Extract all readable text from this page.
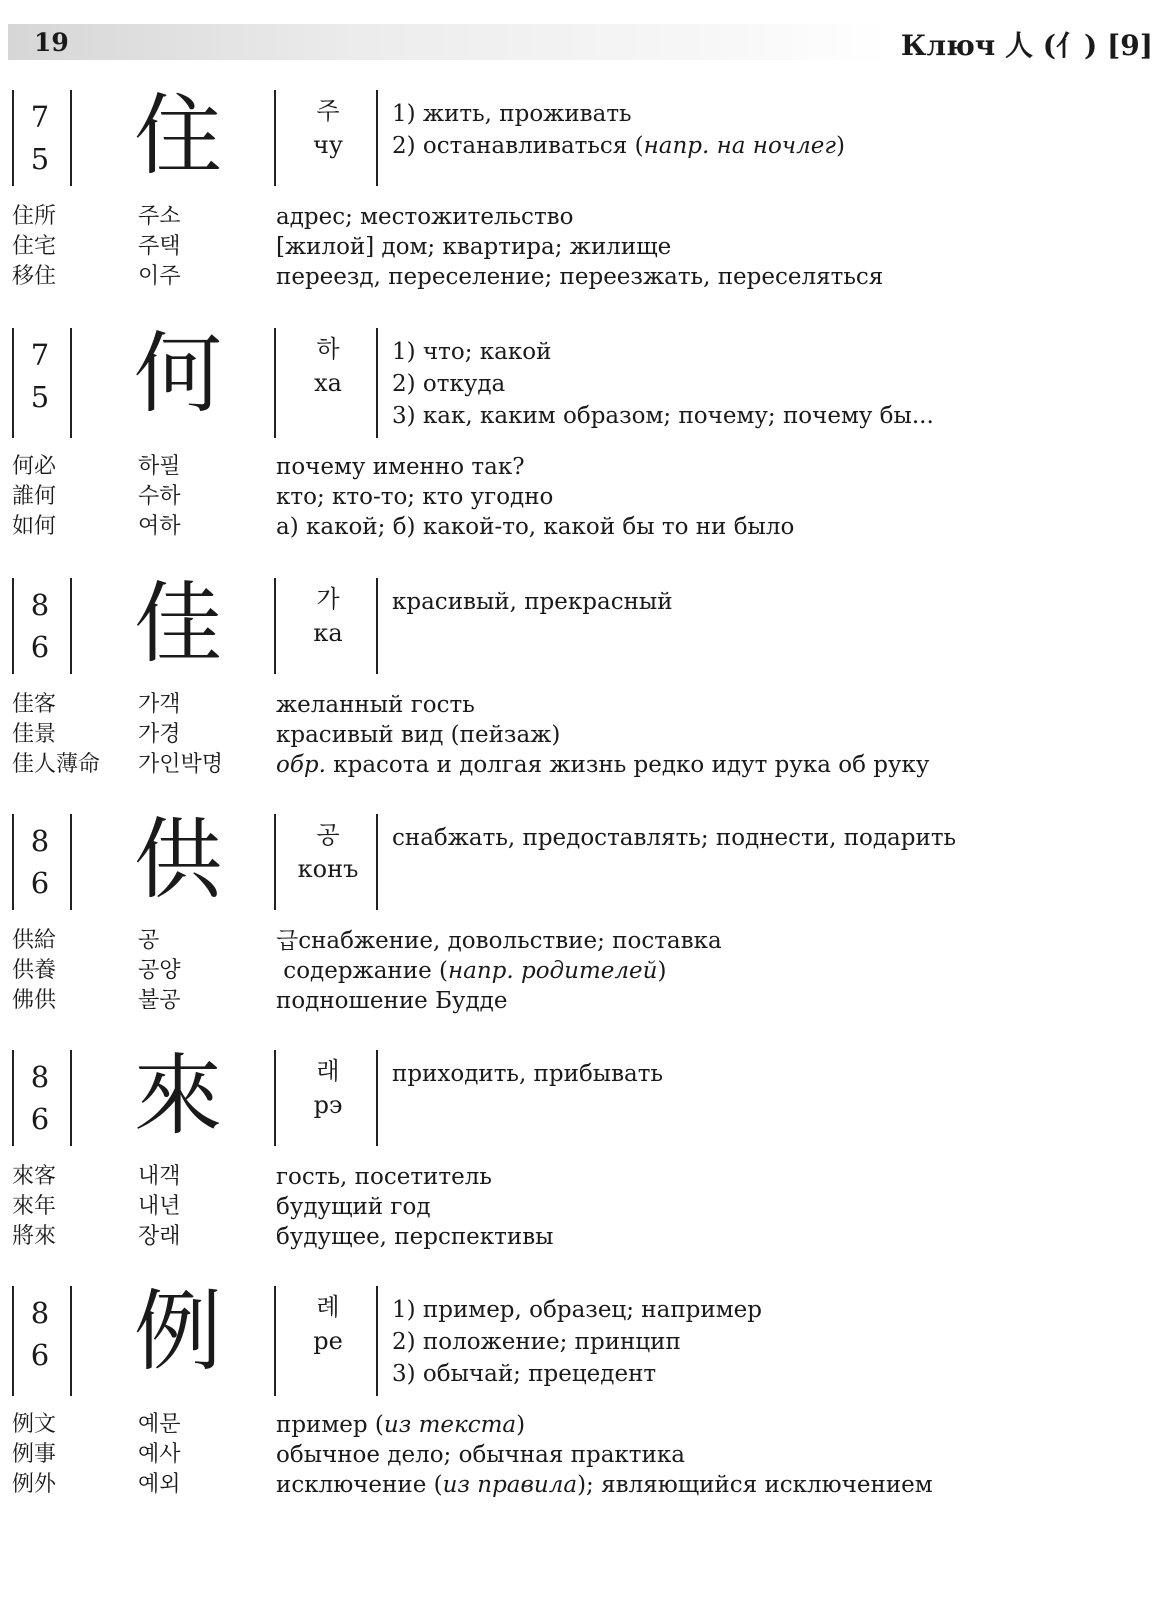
19	Ключ 人 (亻) [9]
7
5 住	주
чу
1) жить, проживать
2) останавливаться (напр. на ночлег)
住所	주소	адрес; местожительство
住宅	주택	[жилой] дом; квартира; жилище
移住	이주	переезд, переселение; переезжать, переселяться
7
5 何	하
ха
1) что; какой
2) откуда
3) как, каким образом; почему; почему бы...
何必	하필	почему именно так?
誰何	수하	кто; кто-то; кто угодно
如何	여하	а) какой; б) какой-то, какой бы то ни было
8
6 佳	가
ка
красивый, прекрасный
佳客	가객	желанный гость
佳景	가경	красивый вид (пейзаж)
佳人薄命 가인박명 обр. красота и долгая жизнь редко идут рука об руку
8
6 供	공
конъ
снабжать, предоставлять; поднести, подарить
供給	공	급снабжение, довольствие; поставка
供養	공양	содержание (напр. родителей)
佛供	불공	подношение Будде
8
6 來	래
рэ
приходить, прибывать
來客	내객	гость, посетитель
來年	내년	будущий год
將來	장래	будущее, перспективы
8
6 例	례
ре
1) пример, образец; например
2) положение; принцип
3) обычай; прецедент
例文	예문	пример (из текста)
例事	예사	обычное дело; обычная практика
例外	예외	исключение (из правила); являющийся исключением
